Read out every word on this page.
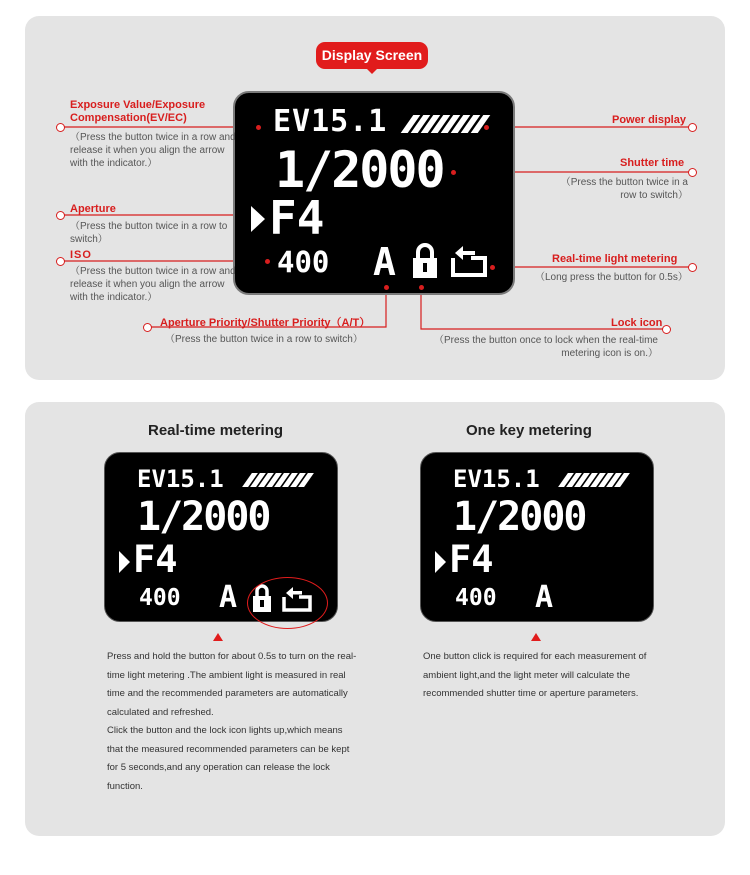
Display Screen
EV15.1
1/2000
F4
400 A
Exposure Value/Exposure
Compensation(EV/EC)
（Press the button twice in a row and release it when you align the arrow with the indicator.）
Aperture
（Press the button twice in a row to switch）
ISO
（Press the button twice in a row and release it when you align the arrow with the indicator.）
Aperture Priority/Shutter Priority（A/T）
（Press the button twice in a row to switch）
Power display
Shutter time
（Press the button twice in a row to switch）
Real-time light metering
（Long press the button for 0.5s）
Lock icon
（Press the button once to lock when the real-time metering icon is on.）
Real-time metering	One key metering
EV15.1
1/2000
F4
400 A
EV15.1
1/2000
F4
400 A
Press and hold the button for about 0.5s to turn on the real-time light metering .The ambient light is measured in real time and the recommended parameters are automatically calculated and refreshed.
Click the button and the lock icon lights up,which means that the measured recommended parameters can be kept for 5 seconds,and any operation can release the lock function.
One button click is required for each measurement of ambient light,and the light meter will calculate the recommended shutter time or aperture parameters.
